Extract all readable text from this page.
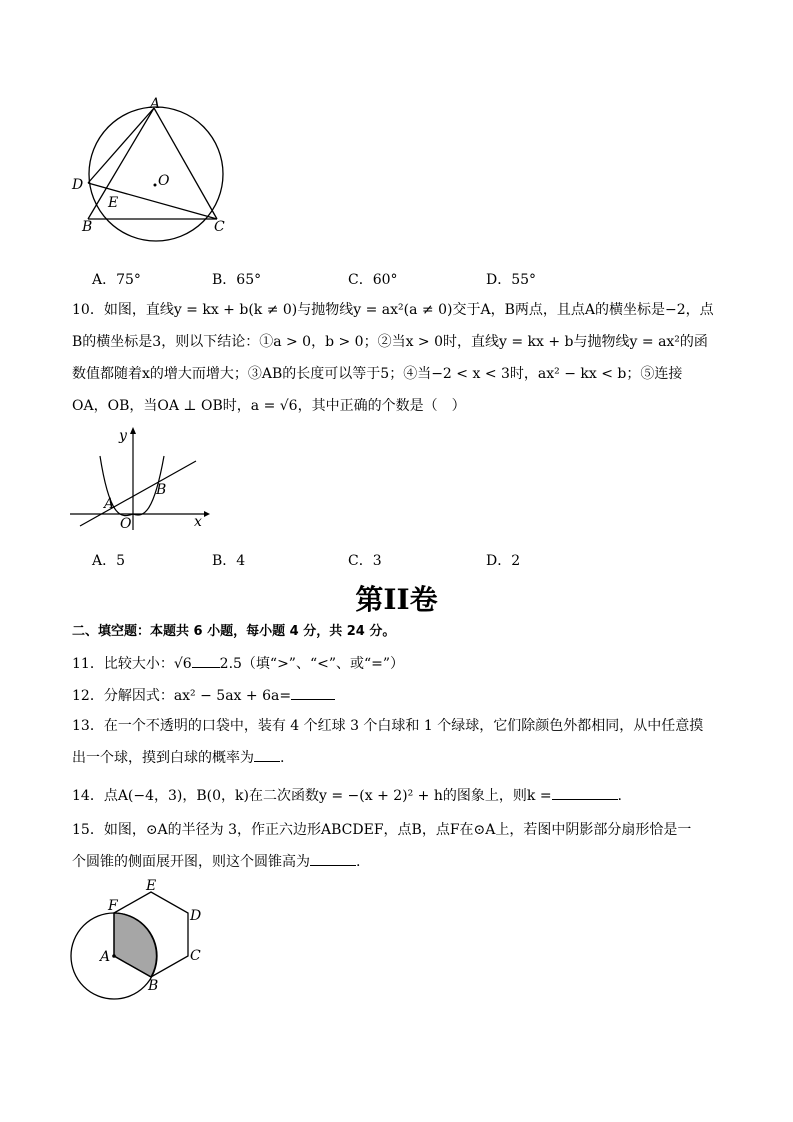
A
D	O
E
B	C
A．75°	B．65°	C．60°	D．55°
10．如图，直线y = kx + b(k ≠ 0)与抛物线y = ax²(a ≠ 0)交于A，B两点，且点A的横坐标是−2，点
B的横坐标是3，则以下结论：①a > 0，b > 0；②当x > 0时，直线y = kx + b与抛物线y = ax²的函
数值都随着x的增大而增大；③AB的长度可以等于5；④当−2 < x < 3时，ax² − kx < b；⑤连接
OA，OB，当OA ⊥ OB时，a = √6，其中正确的个数是（　）
y
x
O
A
B
A．5	B．4	C．3	D．2
第II卷
二、填空题：本题共 6 小题，每小题 4 分，共 24 分。
11．比较大小：√6 2.5（填“>”、“<”、或“=”）
12．分解因式：ax² − 5ax + 6a=
13．在一个不透明的口袋中，装有 4 个红球 3 个白球和 1 个绿球，它们除颜色外都相同，从中任意摸
出一个球，摸到白球的概率为 .
14．点A(−4，3)，B(0，k)在二次函数y = −(x + 2)² + h的图象上，则k =	.
15．如图，⊙A的半径为 3，作正六边形ABCDEF，点B，点F在⊙A上，若图中阴影部分扇形恰是一
个圆锥的侧面展开图，则这个圆锥高为	.
E
F
D
A	C
B
